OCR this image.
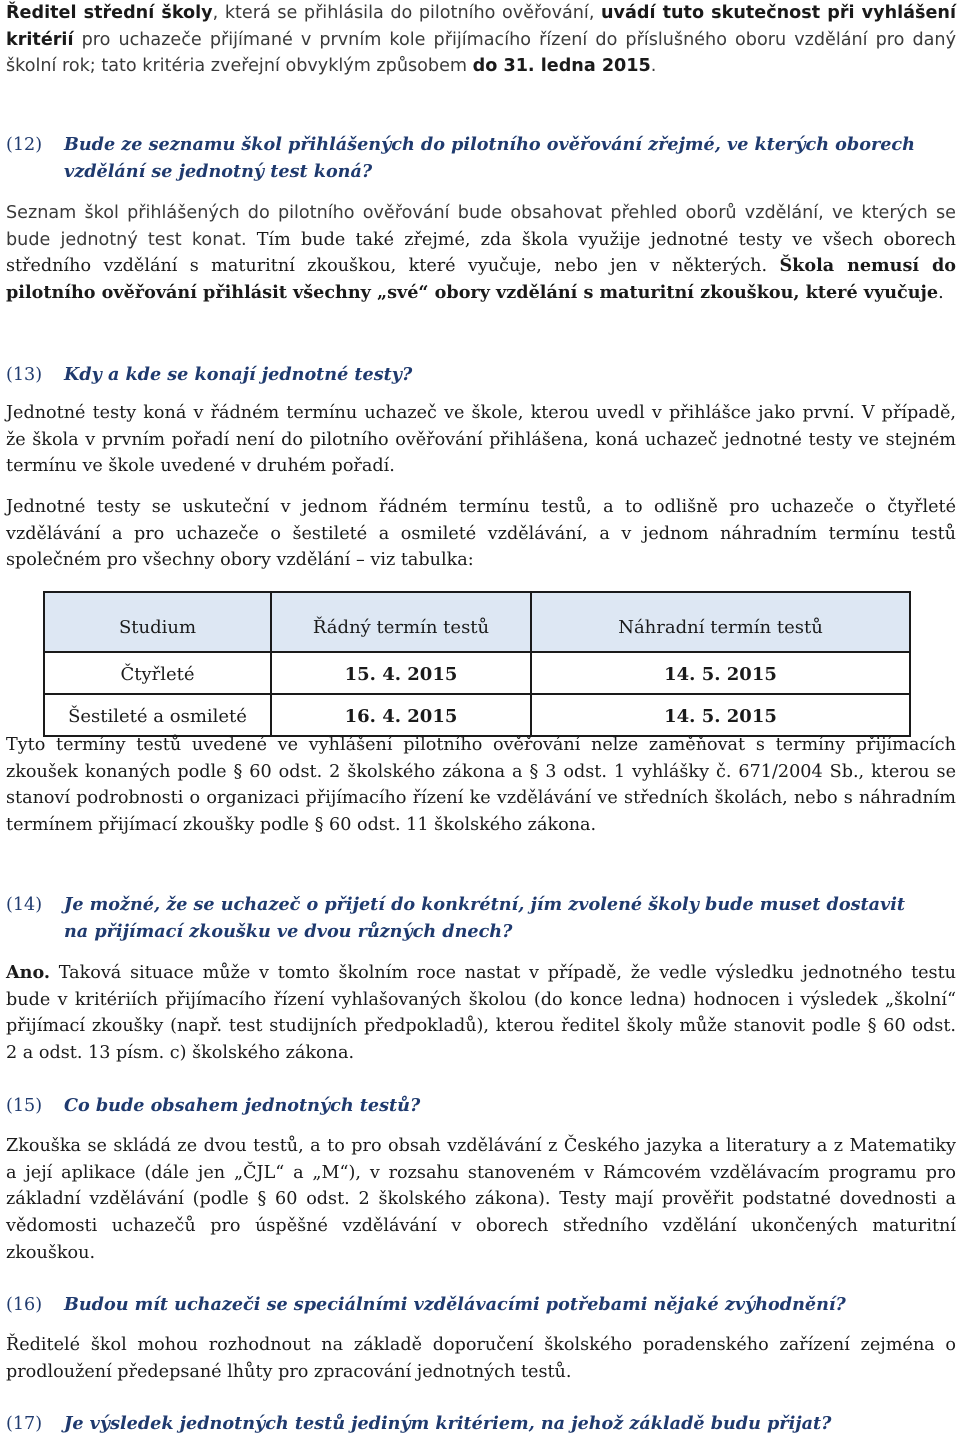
Ředitel střední školy, která se přihlásila do pilotního ověřování, uvádí tuto skutečnost při vyhlášení kritérií pro uchazeče přijímané v prvním kole přijímacího řízení do příslušného oboru vzdělání pro daný školní rok; tato kritéria zveřejní obvyklým způsobem do 31. ledna 2015.

(12) Bude ze seznamu škol přihlášených do pilotního ověřování zřejmé, ve kterých oborech
vzdělání se jednotný test koná?

Seznam škol přihlášených do pilotního ověřování bude obsahovat přehled oborů vzdělání, ve kterých se bude jednotný test konat. Tím bude také zřejmé, zda škola využije jednotné testy ve všech oborech středního vzdělání s maturitní zkouškou, které vyučuje, nebo jen v některých. Škola nemusí do pilotního ověřování přihlásit všechny „své“ obory vzdělání s maturitní zkouškou, které vyučuje.

(13) Kdy a kde se konají jednotné testy?

Jednotné testy koná v řádném termínu uchazeč ve škole, kterou uvedl v přihlášce jako první. V případě, že škola v prvním pořadí není do pilotního ověřování přihlášena, koná uchazeč jednotné testy ve stejném termínu ve škole uvedené v druhém pořadí.

Jednotné testy se uskuteční v jednom řádném termínu testů, a to odlišně pro uchazeče o čtyřleté vzdělávání a pro uchazeče o šestileté a osmileté vzdělávání, a v jednom náhradním termínu testů společném pro všechny obory vzdělání – viz tabulka:

Studium	Řádný termín testů	Náhradní termín testů
Čtyřleté	15. 4. 2015	14. 5. 2015
Šestileté a osmileté	16. 4. 2015	14. 5. 2015

Tyto termíny testů uvedené ve vyhlášení pilotního ověřování nelze zaměňovat s termíny přijímacích zkoušek konaných podle § 60 odst. 2 školského zákona a § 3 odst. 1 vyhlášky č. 671/2004 Sb., kterou se stanoví podrobnosti o organizaci přijímacího řízení ke vzdělávání ve středních školách, nebo s náhradním termínem přijímací zkoušky podle § 60 odst. 11 školského zákona.

(14) Je možné, že se uchazeč o přijetí do konkrétní, jím zvolené školy bude muset dostavit
na přijímací zkoušku ve dvou různých dnech?

Ano. Taková situace může v tomto školním roce nastat v případě, že vedle výsledku jednotného testu bude v kritériích přijímacího řízení vyhlašovaných školou (do konce ledna) hodnocen i výsledek „školní“ přijímací zkoušky (např. test studijních předpokladů), kterou ředitel školy může stanovit podle § 60 odst. 2 a odst. 13 písm. c) školského zákona.

(15) Co bude obsahem jednotných testů?

Zkouška se skládá ze dvou testů, a to pro obsah vzdělávání z Českého jazyka a literatury a z Matematiky a její aplikace (dále jen „ČJL“ a „M“), v rozsahu stanoveném v Rámcovém vzdělávacím programu pro základní vzdělávání (podle § 60 odst. 2 školského zákona). Testy mají prověřit podstatné dovednosti a vědomosti uchazečů pro úspěšné vzdělávání v oborech středního vzdělání ukončených maturitní zkouškou.

(16) Budou mít uchazeči se speciálními vzdělávacími potřebami nějaké zvýhodnění?

Ředitelé škol mohou rozhodnout na základě doporučení školského poradenského zařízení zejména o prodloužení předepsané lhůty pro zpracování jednotných testů.

(17) Je výsledek jednotných testů jediným kritériem, na jehož základě budu přijat?
